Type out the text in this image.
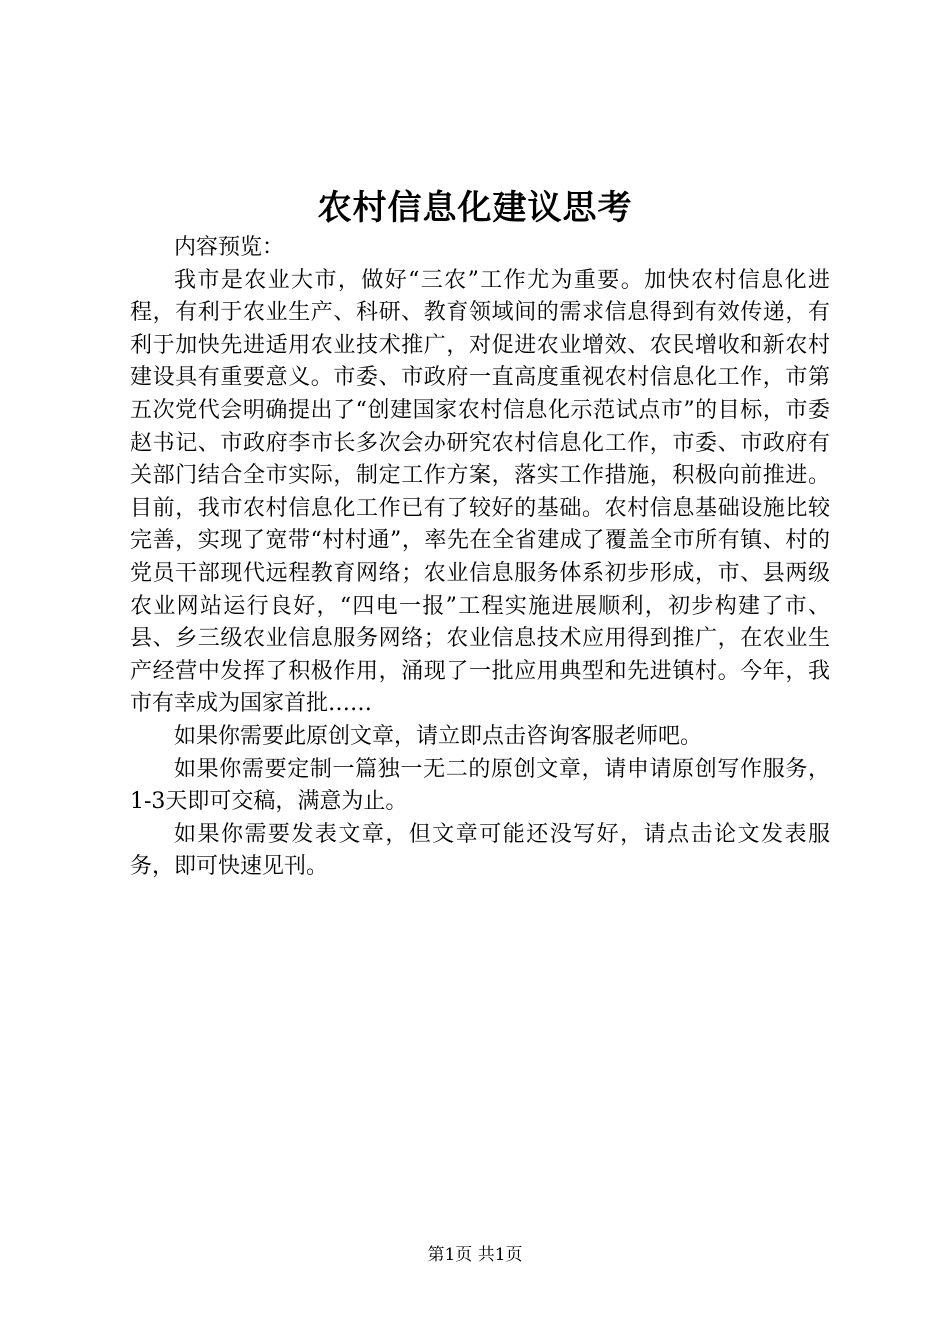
农村信息化建议思考

内容预览：

我市是农业大市，做好“三农”工作尤为重要。加快农村信息化进程，有利于农业生产、科研、教育领域间的需求信息得到有效传递，有利于加快先进适用农业技术推广，对促进农业增效、农民增收和新农村建设具有重要意义。市委、市政府一直高度重视农村信息化工作，市第五次党代会明确提出了“创建国家农村信息化示范试点市”的目标，市委赵书记、市政府李市长多次会办研究农村信息化工作，市委、市政府有关部门结合全市实际，制定工作方案，落实工作措施，积极向前推进。目前，我市农村信息化工作已有了较好的基础。农村信息基础设施比较完善，实现了宽带“村村通”，率先在全省建成了覆盖全市所有镇、村的党员干部现代远程教育网络；农业信息服务体系初步形成，市、县两级农业网站运行良好，“四电一报”工程实施进展顺利，初步构建了市、县、乡三级农业信息服务网络；农业信息技术应用得到推广，在农业生产经营中发挥了积极作用，涌现了一批应用典型和先进镇村。今年，我市有幸成为国家首批……

如果你需要此原创文章，请立即点击咨询客服老师吧。

如果你需要定制一篇独一无二的原创文章，请申请原创写作服务，1-3天即可交稿，满意为止。

如果你需要发表文章，但文章可能还没写好，请点击论文发表服务，即可快速见刊。

第1页 共1页
